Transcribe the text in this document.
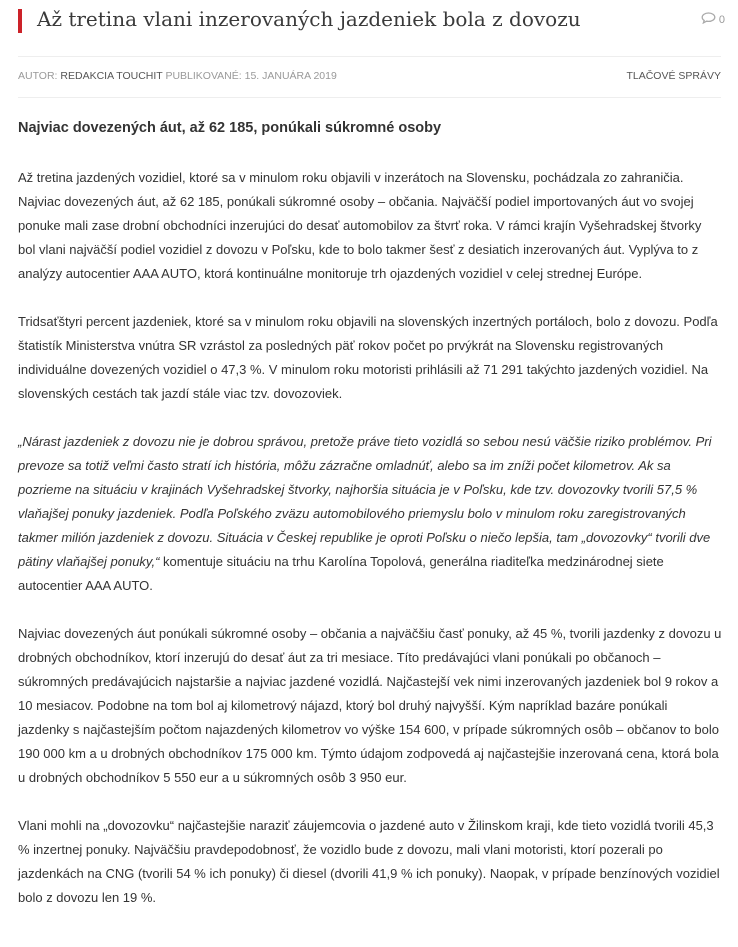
Až tretina vlani inzerovaných jazdeniek bola z dovozu	0
AUTOR: REDAKCIA TOUCHIT PUBLIKOVANÉ: 15. JANUÁRA 2019	TLAČOVÉ SPRÁVY
Najviac dovezených áut, až 62 185, ponúkali súkromné osoby

Až tretina jazdených vozidiel, ktoré sa v minulom roku objavili v inzerátoch na Slovensku, pochádzala zo zahraničia. Najviac dovezených áut, až 62 185, ponúkali súkromné osoby – občania. Najväčší podiel importovaných áut vo svojej ponuke mali zase drobní obchodníci inzerujúci do desať automobilov za štvrť roka. V rámci krajín Vyšehradskej štvorky bol vlani najväčší podiel vozidiel z dovozu v Poľsku, kde to bolo takmer šesť z desiatich inzerovaných áut. Vyplýva to z analýzy autocentier AAA AUTO, ktorá kontinuálne monitoruje trh ojazdených vozidiel v celej strednej Európe.

Tridsaťštyri percent jazdeniek, ktoré sa v minulom roku objavili na slovenských inzertných portáloch, bolo z dovozu. Podľa štatistík Ministerstva vnútra SR vzrástol za posledných päť rokov počet po prvýkrát na Slovensku registrovaných individuálne dovezených vozidiel o 47,3 %. V minulom roku motoristi prihlásili až 71 291 takýchto jazdených vozidiel. Na slovenských cestách tak jazdí stále viac tzv. dovozoviek.

„Nárast jazdeniek z dovozu nie je dobrou správou, pretože práve tieto vozidlá so sebou nesú väčšie riziko problémov. Pri prevoze sa totiž veľmi často stratí ich história, môžu zázračne omladnúť, alebo sa im zníži počet kilometrov. Ak sa pozrieme na situáciu v krajinách Vyšehradskej štvorky, najhoršia situácia je v Poľsku, kde tzv. dovozovky tvorili 57,5 % vlaňajšej ponuky jazdeniek. Podľa Poľského zväzu automobilového priemyslu bolo v minulom roku zaregistrovaných takmer milión jazdeniek z dovozu. Situácia v Českej republike je oproti Poľsku o niečo lepšia, tam „dovozovky“ tvorili dve pätiny vlaňajšej ponuky,“ komentuje situáciu na trhu Karolína Topolová, generálna riaditeľka medzinárodnej siete autocentier AAA AUTO.

Najviac dovezených áut ponúkali súkromné osoby – občania a najväčšiu časť ponuky, až 45 %, tvorili jazdenky z dovozu u drobných obchodníkov, ktorí inzerujú do desať áut za tri mesiace. Títo predávajúci vlani ponúkali po občanoch – súkromných predávajúcich najstaršie a najviac jazdené vozidlá. Najčastejší vek nimi inzerovaných jazdeniek bol 9 rokov a 10 mesiacov. Podobne na tom bol aj kilometrový nájazd, ktorý bol druhý najvyšší. Kým napríklad bazáre ponúkali jazdenky s najčastejším počtom najazdených kilometrov vo výške 154 600, v prípade súkromných osôb – občanov to bolo 190 000 km a u drobných obchodníkov 175 000 km. Týmto údajom zodpovedá aj najčastejšie inzerovaná cena, ktorá bola u drobných obchodníkov 5 550 eur a u súkromných osôb 3 950 eur.

Vlani mohli na „dovozovku“ najčastejšie naraziť záujemcovia o jazdené auto v Žilinskom kraji, kde tieto vozidlá tvorili 45,3 % inzertnej ponuky. Najväčšiu pravdepodobnosť, že vozidlo bude z dovozu, mali vlani motoristi, ktorí pozerali po jazdenkách na CNG (tvorili 54 % ich ponuky) či diesel (dvorili 41,9 % ich ponuky). Naopak, v prípade benzínových vozidiel bolo z dovozu len 19 %.
